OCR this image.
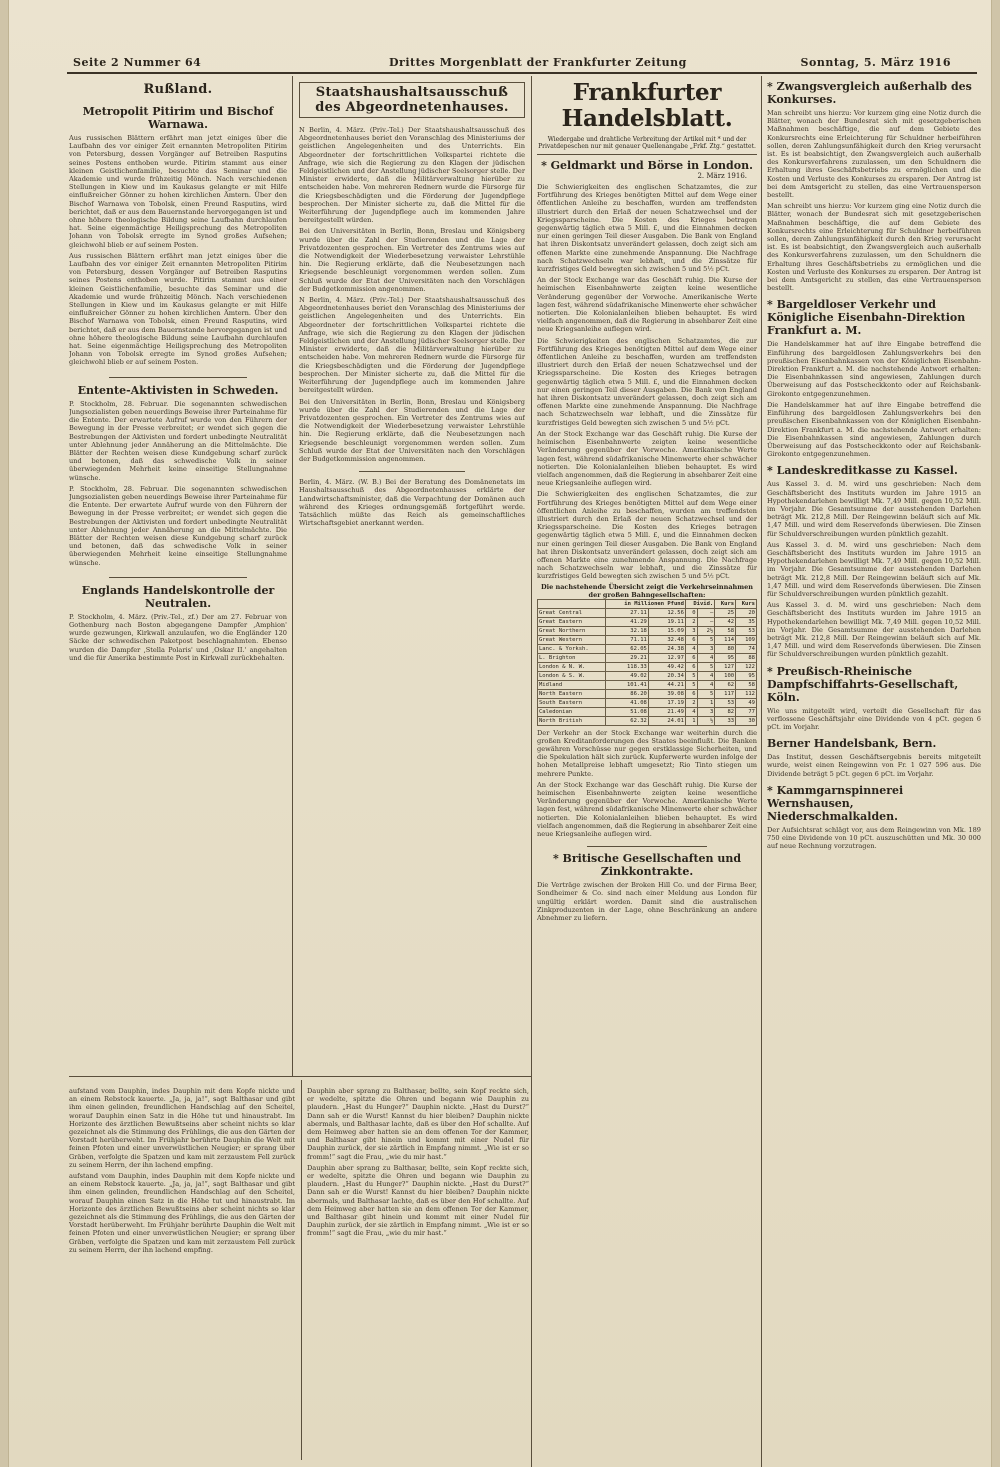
Seite 2 Nummer 64	Drittes Morgenblatt der Frankfurter Zeitung	Sonntag, 5. März 1916
Rußland.
Metropolit Pitirim und Bischof Warnawa.
Aus russischen Blättern erfährt man jetzt einiges über die Laufbahn des vor einiger Zeit ernannten Metropoliten Pitirim von Petersburg, dessen Vorgänger auf Betreiben Rasputins seines Postens enthoben wurde. Pitirim stammt aus einer kleinen Geistlichenfamilie, besuchte das Seminar und die Akademie und wurde frühzeitig Mönch. Nach verschiedenen Stellungen in Kiew und im Kaukasus gelangte er mit Hilfe einflußreicher Gönner zu hohen kirchlichen Ämtern. Über den Bischof Warnawa von Tobolsk, einen Freund Rasputins, wird berichtet, daß er aus dem Bauernstande hervorgegangen ist und ohne höhere theologische Bildung seine Laufbahn durchlaufen hat. Seine eigenmächtige Heiligsprechung des Metropoliten Johann von Tobolsk erregte im Synod großes Aufsehen; gleichwohl blieb er auf seinem Posten.
Aus russischen Blättern erfährt man jetzt einiges über die Laufbahn des vor einiger Zeit ernannten Metropoliten Pitirim von Petersburg, dessen Vorgänger auf Betreiben Rasputins seines Postens enthoben wurde. Pitirim stammt aus einer kleinen Geistlichenfamilie, besuchte das Seminar und die Akademie und wurde frühzeitig Mönch. Nach verschiedenen Stellungen in Kiew und im Kaukasus gelangte er mit Hilfe einflußreicher Gönner zu hohen kirchlichen Ämtern. Über den Bischof Warnawa von Tobolsk, einen Freund Rasputins, wird berichtet, daß er aus dem Bauernstande hervorgegangen ist und ohne höhere theologische Bildung seine Laufbahn durchlaufen hat. Seine eigenmächtige Heiligsprechung des Metropoliten Johann von Tobolsk erregte im Synod großes Aufsehen; gleichwohl blieb er auf seinem Posten.
Entente-Aktivisten in Schweden.
P. Stockholm, 28. Februar. Die sogenannten schwedischen Jungsozialisten geben neuerdings Beweise ihrer Parteinahme für die Entente. Der erwartete Aufruf wurde von den Führern der Bewegung in der Presse verbreitet; er wendet sich gegen die Bestrebungen der Aktivisten und fordert unbedingte Neutralität unter Ablehnung jeder Annäherung an die Mittelmächte. Die Blätter der Rechten weisen diese Kundgebung scharf zurück und betonen, daß das schwedische Volk in seiner überwiegenden Mehrheit keine einseitige Stellungnahme wünsche.
P. Stockholm, 28. Februar. Die sogenannten schwedischen Jungsozialisten geben neuerdings Beweise ihrer Parteinahme für die Entente. Der erwartete Aufruf wurde von den Führern der Bewegung in der Presse verbreitet; er wendet sich gegen die Bestrebungen der Aktivisten und fordert unbedingte Neutralität unter Ablehnung jeder Annäherung an die Mittelmächte. Die Blätter der Rechten weisen diese Kundgebung scharf zurück und betonen, daß das schwedische Volk in seiner überwiegenden Mehrheit keine einseitige Stellungnahme wünsche.
Englands Handelskontrolle der Neutralen.
P. Stockholm, 4. März. (Priv.-Tel., zf.) Der am 27. Februar von Gothenburg nach Boston abgegangene Dampfer ‚Amphion' wurde gezwungen, Kirkwall anzulaufen, wo die Engländer 120 Säcke der schwedischen Paketpost beschlagnahmten. Ebenso wurden die Dampfer ‚Stella Polaris' und ‚Oskar II.' angehalten und die für Amerika bestimmte Post in Kirkwall zurückbehalten.
Staatshaushaltsausschuß des Abgeordnetenhauses.
N Berlin, 4. März. (Priv.-Tel.) Der Staatshaushaltsausschuß des Abgeordnetenhauses beriet den Voranschlag des Ministeriums der geistlichen Angelegenheiten und des Unterrichts. Ein Abgeordneter der fortschrittlichen Volkspartei richtete die Anfrage, wie sich die Regierung zu den Klagen der jüdischen Feldgeistlichen und der Anstellung jüdischer Seelsorger stelle. Der Minister erwiderte, daß die Militärverwaltung hierüber zu entscheiden habe. Von mehreren Rednern wurde die Fürsorge für die Kriegsbeschädigten und die Förderung der Jugendpflege besprochen. Der Minister sicherte zu, daß die Mittel für die Weiterführung der Jugendpflege auch im kommenden Jahre bereitgestellt würden.
Bei den Universitäten in Berlin, Bonn, Breslau und Königsberg wurde über die Zahl der Studierenden und die Lage der Privatdozenten gesprochen. Ein Vertreter des Zentrums wies auf die Notwendigkeit der Wiederbesetzung verwaister Lehrstühle hin. Die Regierung erklärte, daß die Neubesetzungen nach Kriegsende beschleunigt vorgenommen werden sollen. Zum Schluß wurde der Etat der Universitäten nach den Vorschlägen der Budgetkommission angenommen.
N Berlin, 4. März. (Priv.-Tel.) Der Staatshaushaltsausschuß des Abgeordnetenhauses beriet den Voranschlag des Ministeriums der geistlichen Angelegenheiten und des Unterrichts. Ein Abgeordneter der fortschrittlichen Volkspartei richtete die Anfrage, wie sich die Regierung zu den Klagen der jüdischen Feldgeistlichen und der Anstellung jüdischer Seelsorger stelle. Der Minister erwiderte, daß die Militärverwaltung hierüber zu entscheiden habe. Von mehreren Rednern wurde die Fürsorge für die Kriegsbeschädigten und die Förderung der Jugendpflege besprochen. Der Minister sicherte zu, daß die Mittel für die Weiterführung der Jugendpflege auch im kommenden Jahre bereitgestellt würden.
Bei den Universitäten in Berlin, Bonn, Breslau und Königsberg wurde über die Zahl der Studierenden und die Lage der Privatdozenten gesprochen. Ein Vertreter des Zentrums wies auf die Notwendigkeit der Wiederbesetzung verwaister Lehrstühle hin. Die Regierung erklärte, daß die Neubesetzungen nach Kriegsende beschleunigt vorgenommen werden sollen. Zum Schluß wurde der Etat der Universitäten nach den Vorschlägen der Budgetkommission angenommen.
Berlin, 4. März. (W. B.) Bei der Beratung des Domänenetats im Haushaltsausschuß des Abgeordnetenhauses erklärte der Landwirtschaftsminister, daß die Verpachtung der Domänen auch während des Krieges ordnungsgemäß fortgeführt werde. Tatsächlich müßte das Reich als gemeinschaftliches Wirtschaftsgebiet anerkannt werden.
aufstand vom Dauphin, indes Dauphin mit dem Kopfe nickte und an einem Rebstock kauerte. „Ja, ja, ja!“, sagt Balthasar und gibt ihm einen gelinden, freundlichen Handschlag auf den Scheitel, worauf Dauphin einen Satz in die Höhe tut und hinaustrabt. Im Horizonte des ärztlichen Bewußtseins aber scheint nichts so klar gezeichnet als die Stimmung des Frühlings, die aus den Gärten der Vorstadt herüberweht. Im Frühjahr berührte Dauphin die Welt mit feinen Pfoten und einer unverwüstlichen Neugier; er sprang über Gräben, verfolgte die Spatzen und kam mit zerzaustem Fell zurück zu seinem Herrn, der ihn lachend empfing.
aufstand vom Dauphin, indes Dauphin mit dem Kopfe nickte und an einem Rebstock kauerte. „Ja, ja, ja!“, sagt Balthasar und gibt ihm einen gelinden, freundlichen Handschlag auf den Scheitel, worauf Dauphin einen Satz in die Höhe tut und hinaustrabt. Im Horizonte des ärztlichen Bewußtseins aber scheint nichts so klar gezeichnet als die Stimmung des Frühlings, die aus den Gärten der Vorstadt herüberweht. Im Frühjahr berührte Dauphin die Welt mit feinen Pfoten und einer unverwüstlichen Neugier; er sprang über Gräben, verfolgte die Spatzen und kam mit zerzaustem Fell zurück zu seinem Herrn, der ihn lachend empfing.
Dauphin aber sprang zu Balthasar, bellte, sein Kopf reckte sich, er wedelte, spitzte die Ohren und begann wie Dauphin zu plaudern. „Hast du Hunger?“ Dauphin nickte. „Hast du Durst?“ Dann sah er die Wurst! Kannst du hier bleiben? Dauphin nickte abermals, und Balthasar lachte, daß es über den Hof schallte. Auf dem Heimweg aber hatten sie an dem offenen Tor der Kammer, und Balthasar gibt hinein und kommt mit einer Nudel für Dauphin zurück, der sie zärtlich in Empfang nimmt. „Wie ist er so fromm!“ sagt die Frau, „wie du mir hast.“
Dauphin aber sprang zu Balthasar, bellte, sein Kopf reckte sich, er wedelte, spitzte die Ohren und begann wie Dauphin zu plaudern. „Hast du Hunger?“ Dauphin nickte. „Hast du Durst?“ Dann sah er die Wurst! Kannst du hier bleiben? Dauphin nickte abermals, und Balthasar lachte, daß es über den Hof schallte. Auf dem Heimweg aber hatten sie an dem offenen Tor der Kammer, und Balthasar gibt hinein und kommt mit einer Nudel für Dauphin zurück, der sie zärtlich in Empfang nimmt. „Wie ist er so fromm!“ sagt die Frau, „wie du mir hast.“
Frankfurter Handelsblatt.
Wiedergabe und drahtliche Verbreitung der Artikel mit * und der Privatdepeschen nur mit genauer Quellenangabe „Frkf. Ztg.“ gestattet.
* Geldmarkt und Börse in London.
2. März 1916.
Die Schwierigkeiten des englischen Schatzamtes, die zur Fortführung des Krieges benötigten Mittel auf dem Wege einer öffentlichen Anleihe zu beschaffen, wurden am treffendsten illustriert durch den Erlaß der neuen Schatzwechsel und der Kriegssparscheine. Die Kosten des Krieges betragen gegenwärtig täglich etwa 5 Mill. £, und die Einnahmen decken nur einen geringen Teil dieser Ausgaben. Die Bank von England hat ihren Diskontsatz unverändert gelassen, doch zeigt sich am offenen Markte eine zunehmende Anspannung. Die Nachfrage nach Schatzwechseln war lebhaft, und die Zinssätze für kurzfristiges Geld bewegten sich zwischen 5 und 5½ pCt.
An der Stock Exchange war das Geschäft ruhig. Die Kurse der heimischen Eisenbahnwerte zeigten keine wesentliche Veränderung gegenüber der Vorwoche. Amerikanische Werte lagen fest, während südafrikanische Minenwerte eher schwächer notierten. Die Kolonialanleihen blieben behauptet. Es wird vielfach angenommen, daß die Regierung in absehbarer Zeit eine neue Kriegsanleihe auflegen wird.
Die Schwierigkeiten des englischen Schatzamtes, die zur Fortführung des Krieges benötigten Mittel auf dem Wege einer öffentlichen Anleihe zu beschaffen, wurden am treffendsten illustriert durch den Erlaß der neuen Schatzwechsel und der Kriegssparscheine. Die Kosten des Krieges betragen gegenwärtig täglich etwa 5 Mill. £, und die Einnahmen decken nur einen geringen Teil dieser Ausgaben. Die Bank von England hat ihren Diskontsatz unverändert gelassen, doch zeigt sich am offenen Markte eine zunehmende Anspannung. Die Nachfrage nach Schatzwechseln war lebhaft, und die Zinssätze für kurzfristiges Geld bewegten sich zwischen 5 und 5½ pCt.
An der Stock Exchange war das Geschäft ruhig. Die Kurse der heimischen Eisenbahnwerte zeigten keine wesentliche Veränderung gegenüber der Vorwoche. Amerikanische Werte lagen fest, während südafrikanische Minenwerte eher schwächer notierten. Die Kolonialanleihen blieben behauptet. Es wird vielfach angenommen, daß die Regierung in absehbarer Zeit eine neue Kriegsanleihe auflegen wird.
Die Schwierigkeiten des englischen Schatzamtes, die zur Fortführung des Krieges benötigten Mittel auf dem Wege einer öffentlichen Anleihe zu beschaffen, wurden am treffendsten illustriert durch den Erlaß der neuen Schatzwechsel und der Kriegssparscheine. Die Kosten des Krieges betragen gegenwärtig täglich etwa 5 Mill. £, und die Einnahmen decken nur einen geringen Teil dieser Ausgaben. Die Bank von England hat ihren Diskontsatz unverändert gelassen, doch zeigt sich am offenen Markte eine zunehmende Anspannung. Die Nachfrage nach Schatzwechseln war lebhaft, und die Zinssätze für kurzfristiges Geld bewegten sich zwischen 5 und 5½ pCt.
Die nachstehende Übersicht zeigt die Verkehrseinnahmen der großen Bahngesellschaften:
	in Millionen Pfund		Divid.		Kurs	Kurs
Great Central	27.11	12.56	0	—	25	20
Great Eastern	41.29	19.11	2	—	42	35
Great Northern	32.18	15.09	3	2½	58	53
Great Western	71.11	32.48	6	5	114	109
Lanc. & Yorksh.	62.05	24.38	4	3	80	74
L. Brighton	29.21	12.97	6	4	95	88
London & N. W.	118.33	49.42	6	5	127	122
London & S. W.	49.02	20.34	5	4	100	95
Midland	101.41	44.21	5	4	62	58
North Eastern	86.20	39.08	6	5	117	112
South Eastern	41.08	17.19	2	1	53	49
Caledonian	51.08	21.49	4	3	82	77
North British	62.32	24.01	1	½	33	30
Der Verkehr an der Stock Exchange war weiterhin durch die großen Kreditanforderungen des Staates beeinflußt. Die Banken gewähren Vorschüsse nur gegen erstklassige Sicherheiten, und die Spekulation hält sich zurück. Kupferwerte wurden infolge der hohen Metallpreise lebhaft umgesetzt; Rio Tinto stiegen um mehrere Punkte.
An der Stock Exchange war das Geschäft ruhig. Die Kurse der heimischen Eisenbahnwerte zeigten keine wesentliche Veränderung gegenüber der Vorwoche. Amerikanische Werte lagen fest, während südafrikanische Minenwerte eher schwächer notierten. Die Kolonialanleihen blieben behauptet. Es wird vielfach angenommen, daß die Regierung in absehbarer Zeit eine neue Kriegsanleihe auflegen wird.
* Britische Gesellschaften und Zinkkontrakte.
Die Verträge zwischen der Broken Hill Co. und der Firma Beer, Sondheimer & Co. sind nach einer Meldung aus London für ungültig erklärt worden. Damit sind die australischen Zinkproduzenten in der Lage, ohne Beschränkung an andere Abnehmer zu liefern.
* Zwangsvergleich außerhalb des Konkurses.
Man schreibt uns hierzu: Vor kurzem ging eine Notiz durch die Blätter, wonach der Bundesrat sich mit gesetzgeberischen Maßnahmen beschäftige, die auf dem Gebiete des Konkursrechts eine Erleichterung für Schuldner herbeiführen sollen, deren Zahlungsunfähigkeit durch den Krieg verursacht ist. Es ist beabsichtigt, den Zwangsvergleich auch außerhalb des Konkursverfahrens zuzulassen, um den Schuldnern die Erhaltung ihres Geschäftsbetriebs zu ermöglichen und die Kosten und Verluste des Konkurses zu ersparen. Der Antrag ist bei dem Amtsgericht zu stellen, das eine Vertrauensperson bestellt.
Man schreibt uns hierzu: Vor kurzem ging eine Notiz durch die Blätter, wonach der Bundesrat sich mit gesetzgeberischen Maßnahmen beschäftige, die auf dem Gebiete des Konkursrechts eine Erleichterung für Schuldner herbeiführen sollen, deren Zahlungsunfähigkeit durch den Krieg verursacht ist. Es ist beabsichtigt, den Zwangsvergleich auch außerhalb des Konkursverfahrens zuzulassen, um den Schuldnern die Erhaltung ihres Geschäftsbetriebs zu ermöglichen und die Kosten und Verluste des Konkurses zu ersparen. Der Antrag ist bei dem Amtsgericht zu stellen, das eine Vertrauensperson bestellt.
* Bargeldloser Verkehr und Königliche Eisenbahn-Direktion Frankfurt a. M.
Die Handelskammer hat auf ihre Eingabe betreffend die Einführung des bargeldlosen Zahlungsverkehrs bei den preußischen Eisenbahnkassen von der Königlichen Eisenbahn-Direktion Frankfurt a. M. die nachstehende Antwort erhalten: Die Eisenbahnkassen sind angewiesen, Zahlungen durch Überweisung auf das Postscheckkonto oder auf Reichsbank-Girokonto entgegenzunehmen.
Die Handelskammer hat auf ihre Eingabe betreffend die Einführung des bargeldlosen Zahlungsverkehrs bei den preußischen Eisenbahnkassen von der Königlichen Eisenbahn-Direktion Frankfurt a. M. die nachstehende Antwort erhalten: Die Eisenbahnkassen sind angewiesen, Zahlungen durch Überweisung auf das Postscheckkonto oder auf Reichsbank-Girokonto entgegenzunehmen.
* Landeskreditkasse zu Kassel.
Aus Kassel 3. d. M. wird uns geschrieben: Nach dem Geschäftsbericht des Instituts wurden im Jahre 1915 an Hypothekendarlehen bewilligt Mk. 7,49 Mill. gegen 10,52 Mill. im Vorjahr. Die Gesamtsumme der ausstehenden Darlehen beträgt Mk. 212,8 Mill. Der Reingewinn beläuft sich auf Mk. 1,47 Mill. und wird dem Reservefonds überwiesen. Die Zinsen für Schuldverschreibungen wurden pünktlich gezahlt.
Aus Kassel 3. d. M. wird uns geschrieben: Nach dem Geschäftsbericht des Instituts wurden im Jahre 1915 an Hypothekendarlehen bewilligt Mk. 7,49 Mill. gegen 10,52 Mill. im Vorjahr. Die Gesamtsumme der ausstehenden Darlehen beträgt Mk. 212,8 Mill. Der Reingewinn beläuft sich auf Mk. 1,47 Mill. und wird dem Reservefonds überwiesen. Die Zinsen für Schuldverschreibungen wurden pünktlich gezahlt.
Aus Kassel 3. d. M. wird uns geschrieben: Nach dem Geschäftsbericht des Instituts wurden im Jahre 1915 an Hypothekendarlehen bewilligt Mk. 7,49 Mill. gegen 10,52 Mill. im Vorjahr. Die Gesamtsumme der ausstehenden Darlehen beträgt Mk. 212,8 Mill. Der Reingewinn beläuft sich auf Mk. 1,47 Mill. und wird dem Reservefonds überwiesen. Die Zinsen für Schuldverschreibungen wurden pünktlich gezahlt.
* Preußisch-Rheinische Dampfschiffahrts-Gesellschaft, Köln.
Wie uns mitgeteilt wird, verteilt die Gesellschaft für das verflossene Geschäftsjahr eine Dividende von 4 pCt. gegen 6 pCt. im Vorjahr.
Berner Handelsbank, Bern.
Das Institut, dessen Geschäftsergebnis bereits mitgeteilt wurde, weist einen Reingewinn von Fr. 1 027 596 aus. Die Dividende beträgt 5 pCt. gegen 6 pCt. im Vorjahr.
* Kammgarnspinnerei Wernshausen, Niederschmalkalden.
Der Aufsichtsrat schlägt vor, aus dem Reingewinn von Mk. 189 750 eine Dividende von 10 pCt. auszuschütten und Mk. 30 000 auf neue Rechnung vorzutragen.
